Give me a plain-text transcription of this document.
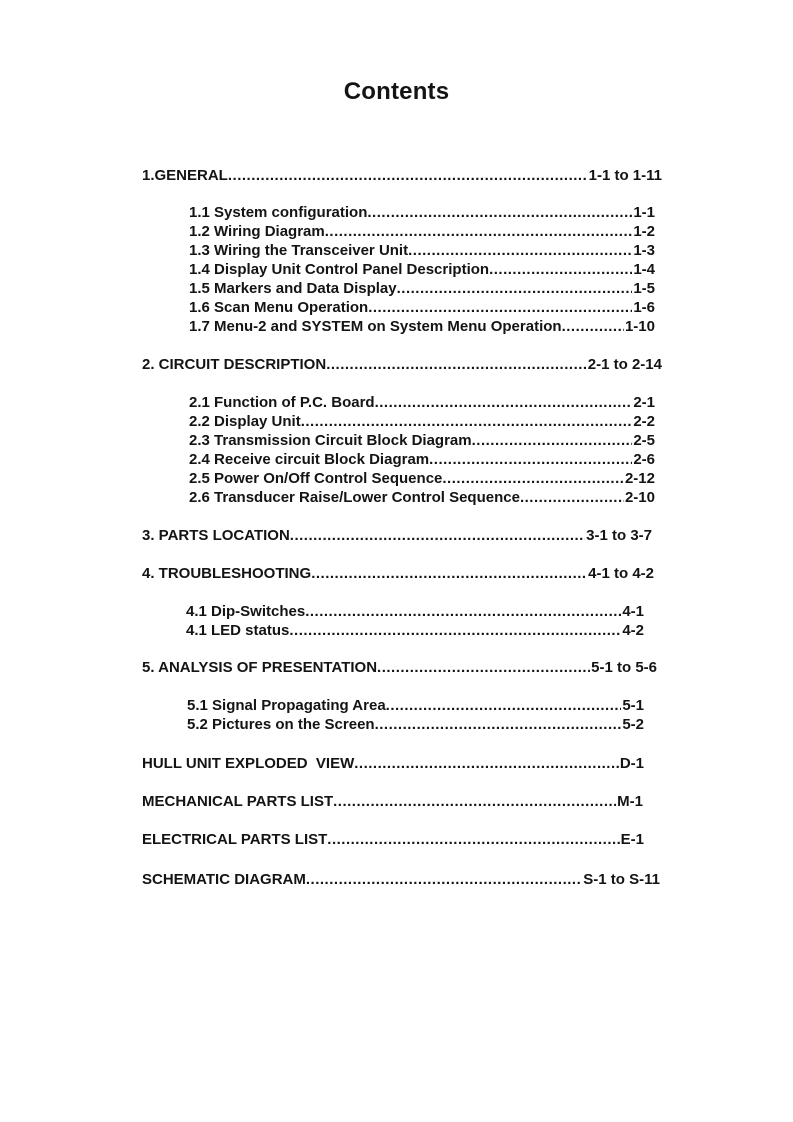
Contents
1.GENERAL .....	1-1 to 1-11
1.1 System configuration .....	1-1
1.2 Wiring Diagram .....	1-2
1.3 Wiring the Transceiver Unit .....	1-3
1.4 Display Unit Control Panel Description .....	1-4
1.5 Markers and Data Display .....	1-5
1.6 Scan Menu Operation .....	1-6
1.7 Menu-2 and SYSTEM on System Menu Operation .....	1-10
2. CIRCUIT DESCRIPTION .....	2-1 to 2-14
2.1 Function of P.C. Board .....	2-1
2.2 Display Unit .....	2-2
2.3 Transmission Circuit Block Diagram .....	2-5
2.4 Receive circuit Block Diagram .....	2-6
2.5 Power On/Off Control Sequence .....	2-12
2.6 Transducer Raise/Lower Control Sequence .....	2-10
3. PARTS LOCATION .....	3-1 to 3-7
4. TROUBLESHOOTING .....	4-1 to 4-2
4.1 Dip-Switches .....	4-1
4.1 LED status .....	4-2
5. ANALYSIS OF PRESENTATION .....	5-1 to 5-6
5.1 Signal Propagating Area .....	5-1
5.2 Pictures on the Screen .....	5-2
HULL UNIT EXPLODED  VIEW .....	D-1
MECHANICAL PARTS LIST .....	M-1
ELECTRICAL PARTS LIST .....	E-1
SCHEMATIC DIAGRAM .....	S-1 to S-11
